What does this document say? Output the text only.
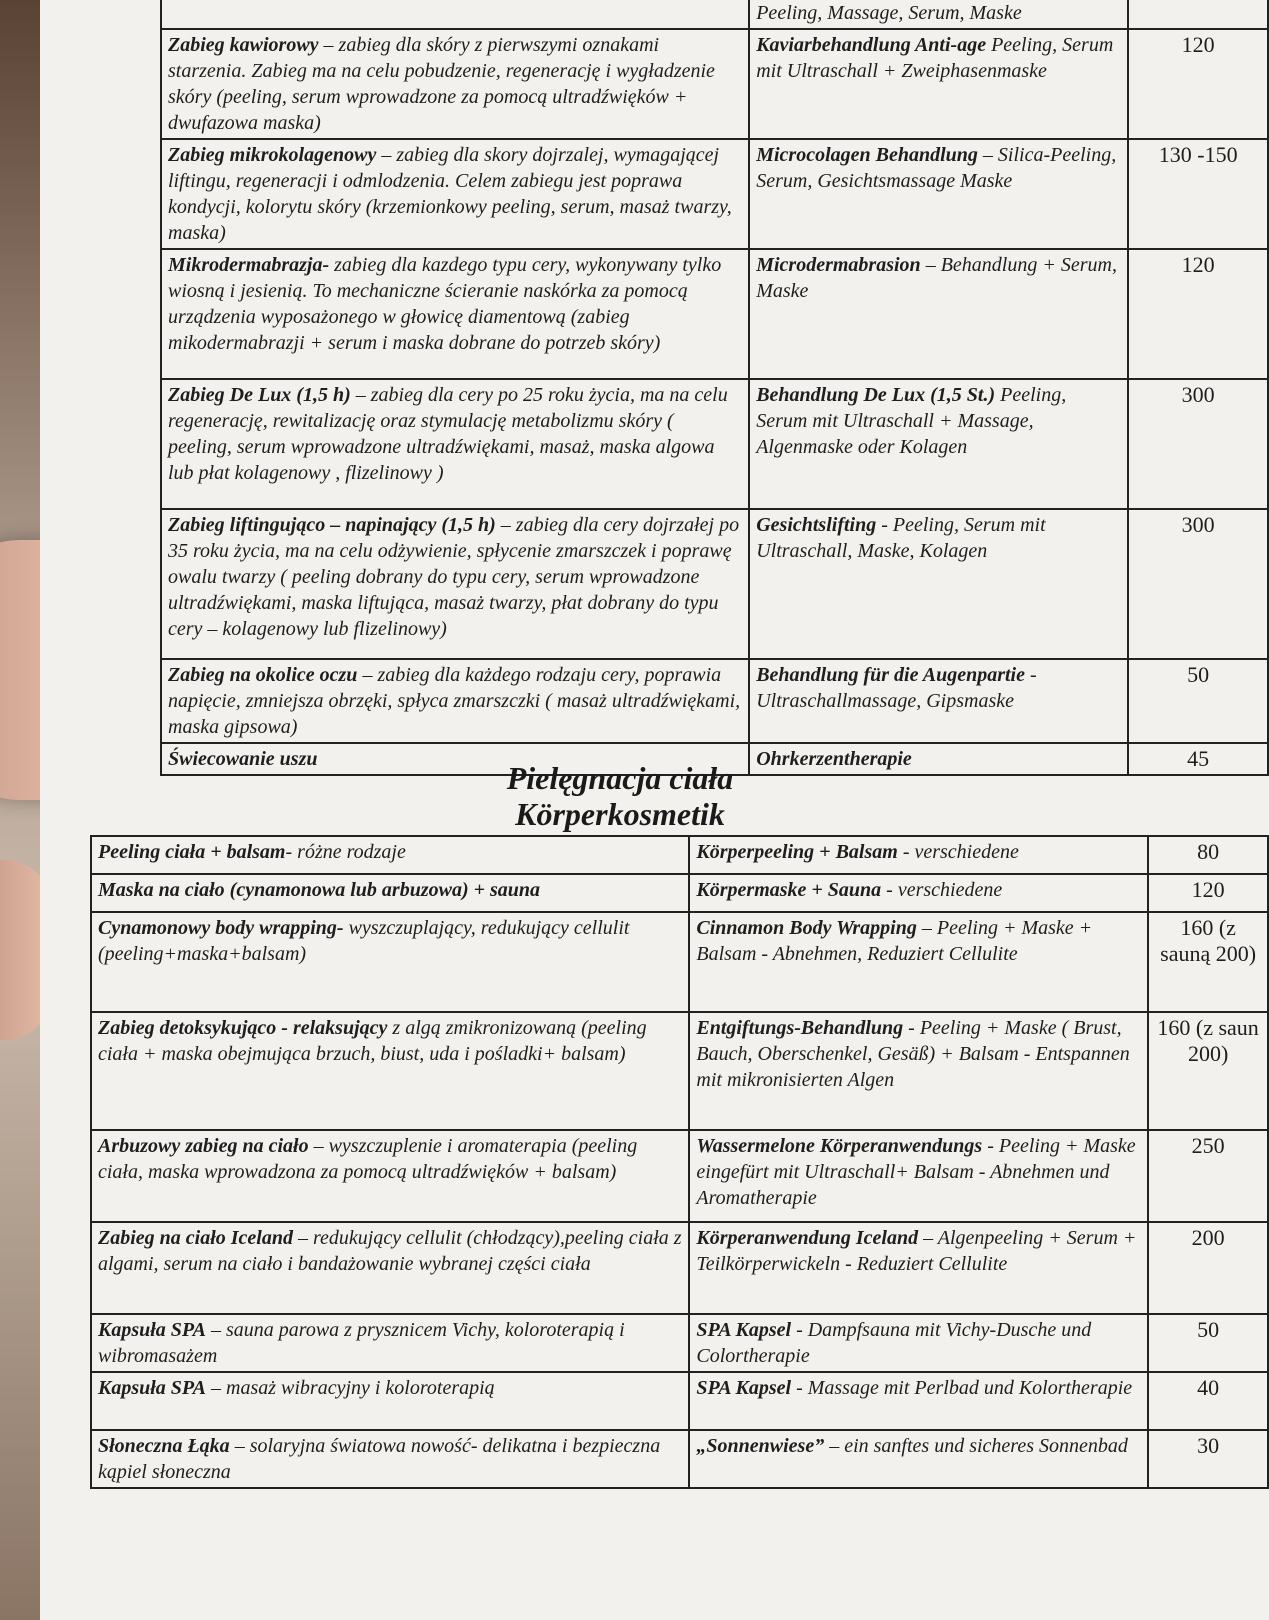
	Peeling, Massage, Serum, Maske	
Zabieg kawiorowy – zabieg dla skóry z pierwszymi oznakami starzenia. Zabieg ma na celu pobudzenie, regenerację i wygładzenie skóry (peeling, serum wprowadzone za pomocą ultradźwięków + dwufazowa maska)	Kaviarbehandlung Anti-age Peeling, Serum mit Ultraschall + Zweiphasenmaske	120
Zabieg mikrokolagenowy – zabieg dla skory dojrzalej, wymagającej liftingu, regeneracji i odmlodzenia. Celem zabiegu jest poprawa kondycji, kolorytu skóry (krzemionkowy peeling, serum, masaż twarzy, maska)	Microcolagen Behandlung – Silica-Peeling, Serum, Gesichtsmassage Maske	130 -150
Mikrodermabrazja- zabieg dla kazdego typu cery, wykonywany tylko wiosną i jesienią. To mechaniczne ścieranie naskórka za pomocą urządzenia wyposażonego w głowicę diamentową (zabieg mikodermabrazji + serum i maska dobrane do potrzeb skóry)	Microdermabrasion – Behandlung + Serum, Maske	120
Zabieg De Lux (1,5 h) – zabieg dla cery po 25 roku życia, ma na celu regenerację, rewitalizację oraz stymulację metabolizmu skóry ( peeling, serum wprowadzone ultradźwiękami, masaż, maska algowa lub płat kolagenowy , flizelinowy )	Behandlung De Lux (1,5 St.) Peeling, Serum mit Ultraschall + Massage, Algenmaske oder Kolagen	300
Zabieg liftingująco – napinający (1,5 h) – zabieg dla cery dojrzałej po 35 roku życia, ma na celu odżywienie, spłycenie zmarszczek i poprawę owalu twarzy ( peeling dobrany do typu cery, serum wprowadzone ultradźwiękami, maska liftująca, masaż twarzy, płat dobrany do typu cery – kolagenowy lub flizelinowy)	Gesichtslifting - Peeling, Serum mit Ultraschall, Maske, Kolagen	300
Zabieg na okolice oczu – zabieg dla każdego rodzaju cery, poprawia napięcie, zmniejsza obrzęki, spłyca zmarszczki ( masaż ultradźwiękami, maska gipsowa)	Behandlung für die Augenpartie - Ultraschallmassage, Gipsmaske	50
Świecowanie uszu	Ohrkerzentherapie	45
Pielęgnacja ciała
Körperkosmetik
Peeling ciała + balsam- różne rodzaje	Körperpeeling + Balsam - verschiedene	80
Maska na ciało (cynamonowa lub arbuzowa) + sauna	Körpermaske + Sauna - verschiedene	120
Cynamonowy body wrapping- wyszczuplający, redukujący cellulit (peeling+maska+balsam)	Cinnamon Body Wrapping – Peeling + Maske + Balsam - Abnehmen, Reduziert Cellulite	160 (z sauną 200)
Zabieg detoksykująco - relaksujący z algą zmikronizowaną (peeling ciała + maska obejmująca brzuch, biust, uda i pośladki+ balsam)	Entgiftungs-Behandlung - Peeling + Maske ( Brust, Bauch, Oberschenkel, Gesäß) + Balsam - Entspannen mit mikronisierten Algen	160 (z saun 200)
Arbuzowy zabieg na ciało – wyszczuplenie i aromaterapia (peeling ciała, maska wprowadzona za pomocą ultradźwięków + balsam)	Wassermelone Körperanwendungs - Peeling + Maske eingefürt mit Ultraschall+ Balsam - Abnehmen und Aromatherapie	250
Zabieg na ciało Iceland – redukujący cellulit (chłodzący),peeling ciała z algami, serum na ciało i bandażowanie wybranej części ciała	Körperanwendung Iceland – Algenpeeling + Serum + Teilkörperwickeln - Reduziert Cellulite	200
Kapsuła SPA – sauna parowa z prysznicem Vichy, koloroterapią i wibromasażem	SPA Kapsel - Dampfsauna mit Vichy-Dusche und Colortherapie	50
Kapsuła SPA – masaż wibracyjny i koloroterapią	SPA Kapsel - Massage mit Perlbad und Kolortherapie	40
Słoneczna Łąka – solaryjna światowa nowość- delikatna i bezpieczna kąpiel słoneczna	„Sonnenwiese” – ein sanftes und sicheres Sonnenbad	30
